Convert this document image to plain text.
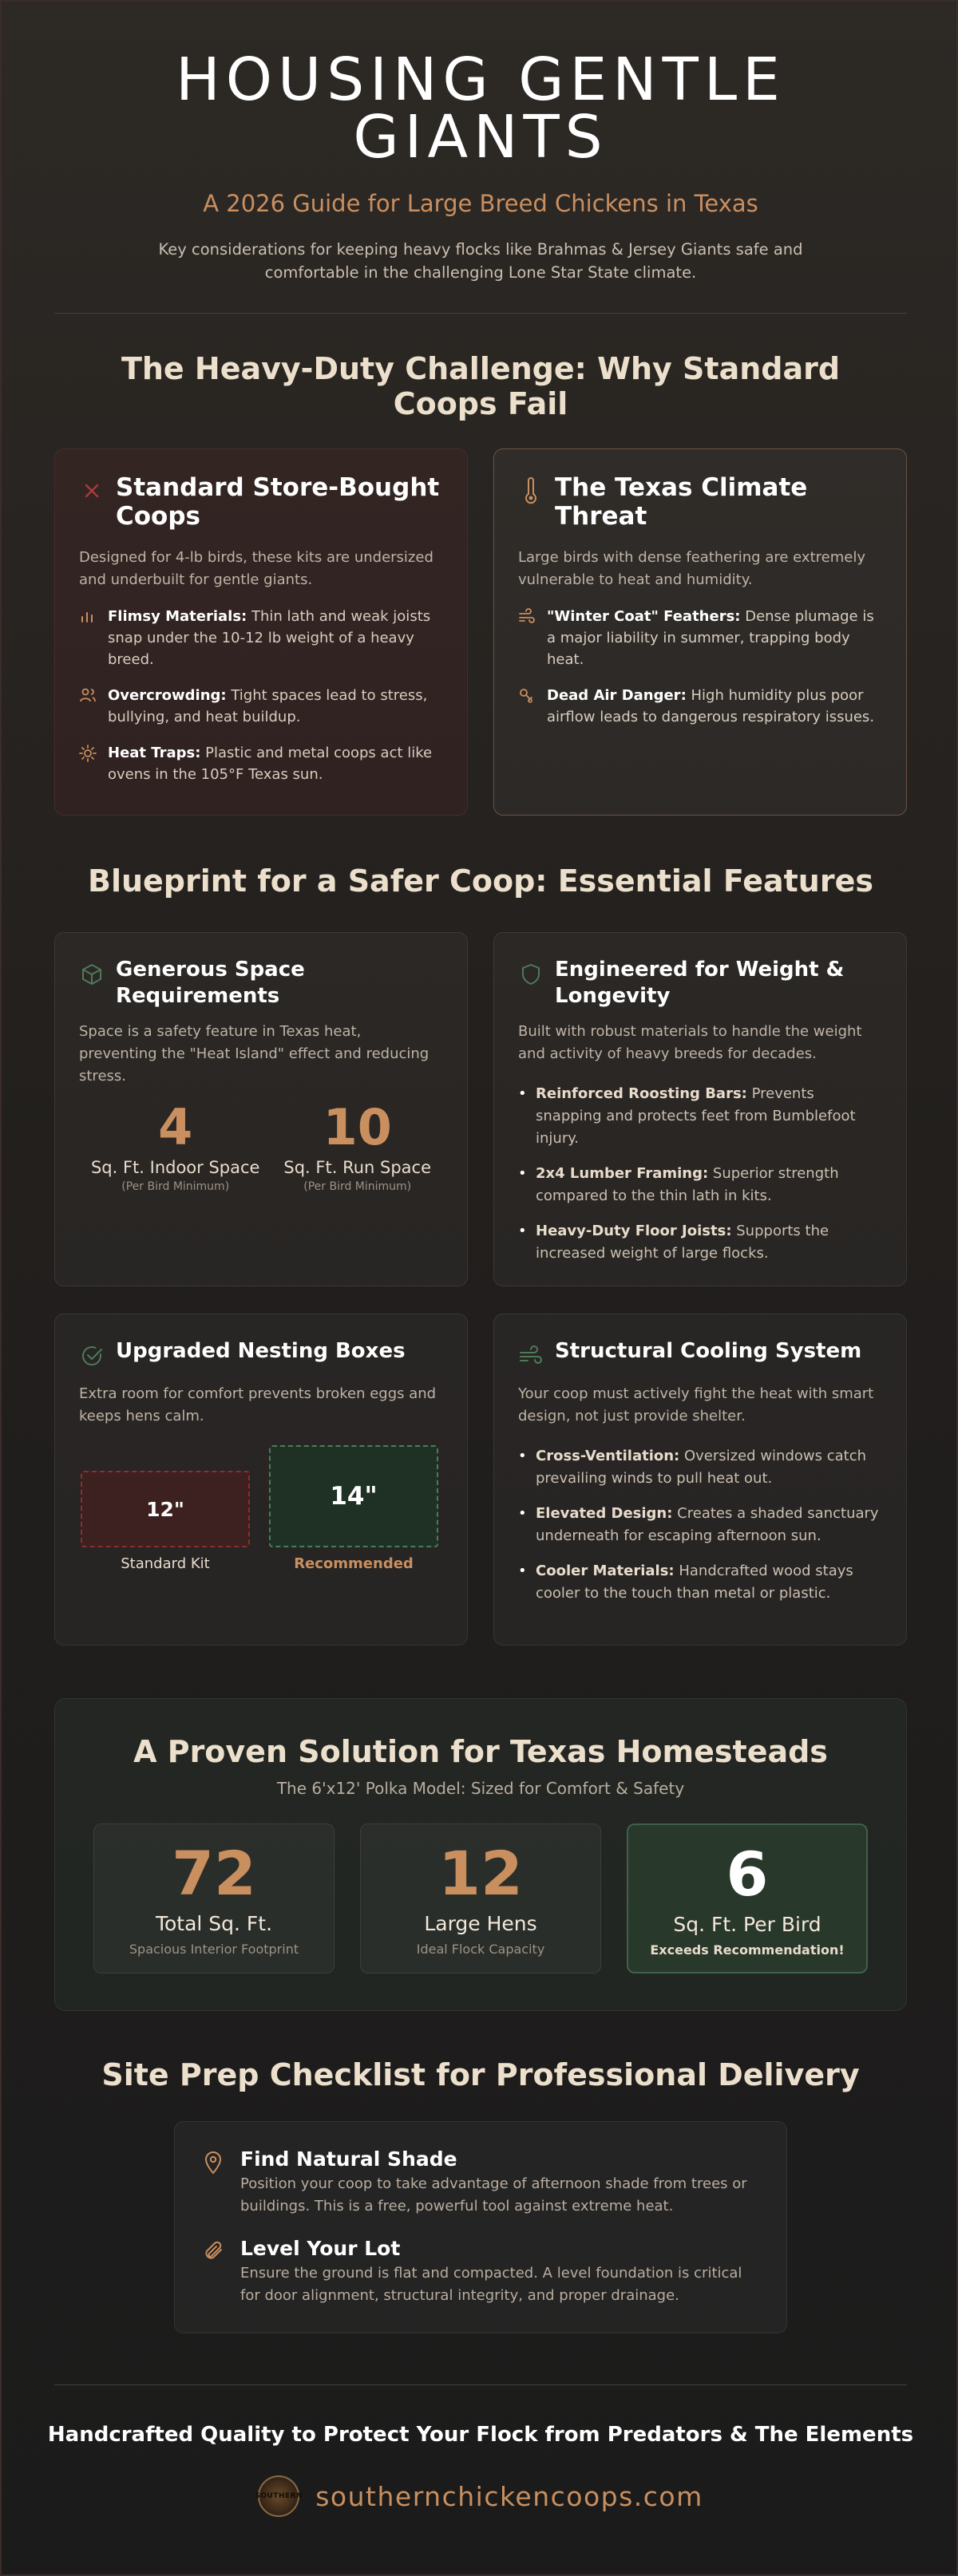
HOUSING GENTLE GIANTS
A 2026 Guide for Large Breed Chickens in Texas
Key considerations for keeping heavy flocks like Brahmas & Jersey Giants safe and comfortable in the challenging Lone Star State climate.
The Heavy-Duty Challenge: Why Standard Coops Fail
Standard Store-Bought Coops

Designed for 4-lb birds, these kits are undersized and underbuilt for gentle giants.

Flimsy Materials: Thin lath and weak joists snap under the 10-12 lb weight of a heavy breed.
Overcrowding: Tight spaces lead to stress, bullying, and heat buildup.
Heat Traps: Plastic and metal coops act like ovens in the 105°F Texas sun.
The Texas Climate Threat

Large birds with dense feathering are extremely vulnerable to heat and humidity.

"Winter Coat" Feathers: Dense plumage is a major liability in summer, trapping body heat.
Dead Air Danger: High humidity plus poor airflow leads to dangerous respiratory issues.
Blueprint for a Safer Coop: Essential Features
Generous Space Requirements

Space is a safety feature in Texas heat, preventing the "Heat Island" effect and reducing stress.

4
Sq. Ft. Indoor Space
(Per Bird Minimum)
10
Sq. Ft. Run Space
(Per Bird Minimum)
Engineered for Weight & Longevity

Built with robust materials to handle the weight and activity of heavy breeds for decades.

• Reinforced Roosting Bars: Prevents snapping and protects feet from Bumblefoot injury.
• 2x4 Lumber Framing: Superior strength compared to the thin lath in kits.
• Heavy-Duty Floor Joists: Supports the increased weight of large flocks.
Upgraded Nesting Boxes

Extra room for comfort prevents broken eggs and keeps hens calm.

12"
Standard Kit
14"
Recommended
Structural Cooling System

Your coop must actively fight the heat with smart design, not just provide shelter.

• Cross-Ventilation: Oversized windows catch prevailing winds to pull heat out.
• Elevated Design: Creates a shaded sanctuary underneath for escaping afternoon sun.
• Cooler Materials: Handcrafted wood stays cooler to the touch than metal or plastic.
A Proven Solution for Texas Homesteads
The 6'x12' Polka Model: Sized for Comfort & Safety
72
Total Sq. Ft.
Spacious Interior Footprint
12
Large Hens
Ideal Flock Capacity
6
Sq. Ft. Per Bird
Exceeds Recommendation!
Site Prep Checklist for Professional Delivery
Find Natural Shade

Position your coop to take advantage of afternoon shade from trees or buildings. This is a free, powerful tool against extreme heat.

Level Your Lot

Ensure the ground is flat and compacted. A level foundation is critical for door alignment, structural integrity, and proper drainage.

Handcrafted Quality to Protect Your Flock from Predators & The Elements
SOUTHERN southernchickencoops.com
